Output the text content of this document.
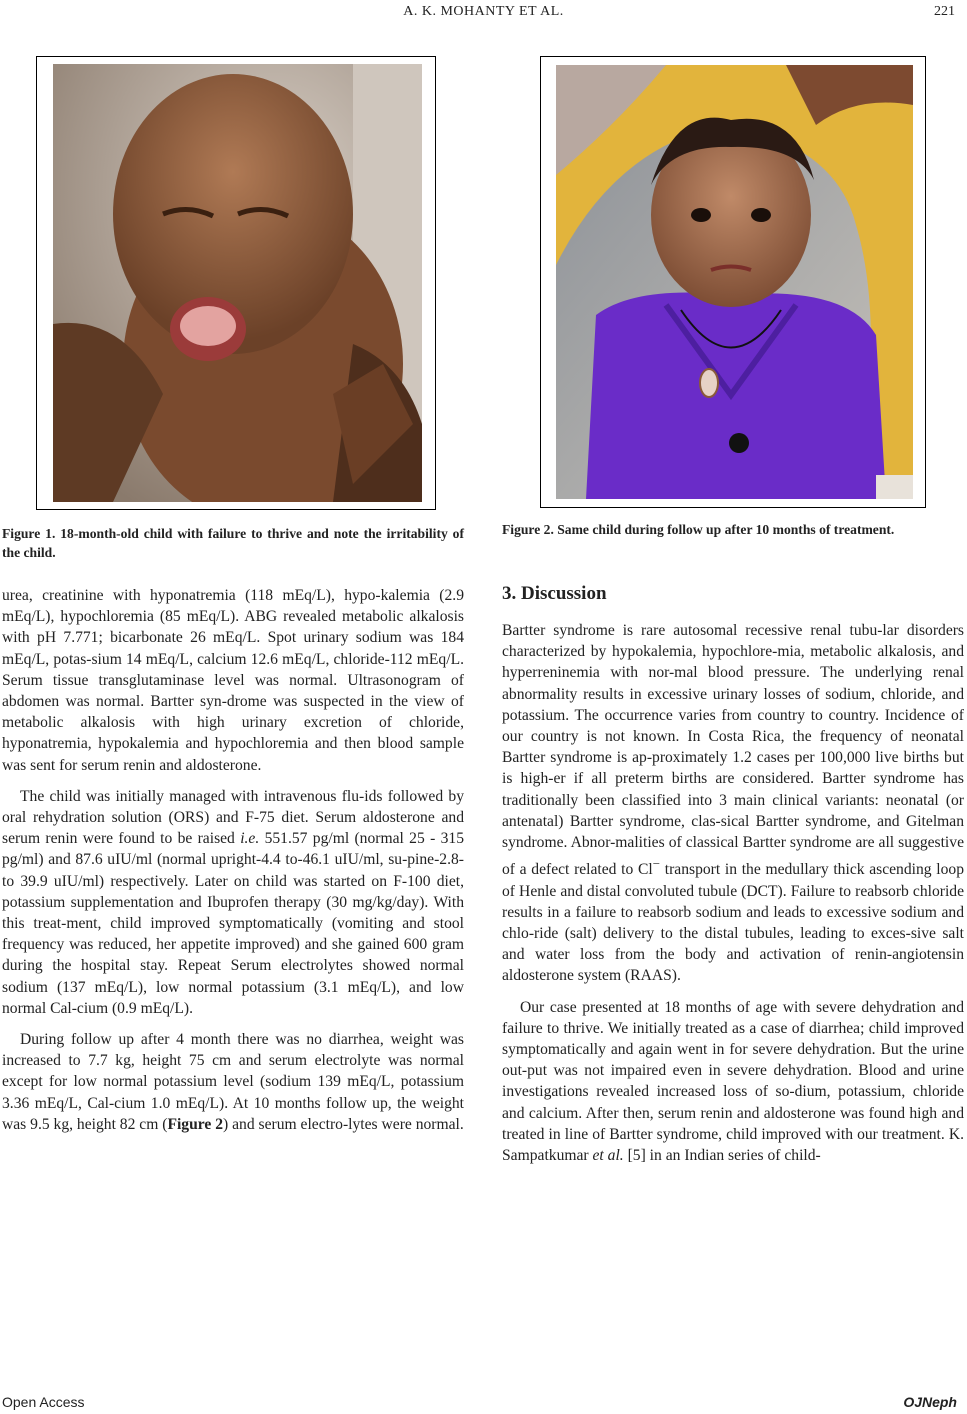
A. K. MOHANTY ET AL.	221
Figure 1. 18-month-old child with failure to thrive and note the irritability of the child.
Figure 2. Same child during follow up after 10 months of treatment.

urea, creatinine with hyponatremia (118 mEq/L), hypo-kalemia (2.9 mEq/L), hypochloremia (85 mEq/L). ABG revealed metabolic alkalosis with pH 7.771; bicarbonate 26 mEq/L. Spot urinary sodium was 184 mEq/L, potas-sium 14 mEq/L, calcium 12.6 mEq/L, chloride-112 mEq/L. Serum tissue transglutaminase level was normal. Ultrasonogram of abdomen was normal. Bartter syn-drome was suspected in the view of metabolic alkalosis with high urinary excretion of chloride, hyponatremia, hypokalemia and hypochloremia and then blood sample was sent for serum renin and aldosterone.

The child was initially managed with intravenous flu-ids followed by oral rehydration solution (ORS) and F-75 diet. Serum aldosterone and serum renin were found to be raised i.e. 551.57 pg/ml (normal 25 - 315 pg/ml) and 87.6 uIU/ml (normal upright-4.4 to-46.1 uIU/ml, su-pine-2.8- to 39.9 uIU/ml) respectively. Later on child was started on F-100 diet, potassium supplementation and Ibuprofen therapy (30 mg/kg/day). With this treat-ment, child improved symptomatically (vomiting and stool frequency was reduced, her appetite improved) and she gained 600 gram during the hospital stay. Repeat Serum electrolytes showed normal sodium (137 mEq/L), low normal potassium (3.1 mEq/L), and low normal Cal-cium (0.9 mEq/L).

During follow up after 4 month there was no diarrhea, weight was increased to 7.7 kg, height 75 cm and serum electrolyte was normal except for low normal potassium level (sodium 139 mEq/L, potassium 3.36 mEq/L, Cal-cium 1.0 mEq/L). At 10 months follow up, the weight was 9.5 kg, height 82 cm (Figure 2) and serum electro-lytes were normal.

3. Discussion

Bartter syndrome is rare autosomal recessive renal tubu-lar disorders characterized by hypokalemia, hypochlore-mia, metabolic alkalosis, and hyperreninemia with nor-mal blood pressure. The underlying renal abnormality results in excessive urinary losses of sodium, chloride, and potassium. The occurrence varies from country to country. Incidence of our country is not known. In Costa Rica, the frequency of neonatal Bartter syndrome is ap-proximately 1.2 cases per 100,000 live births but is high-er if all preterm births are considered. Bartter syndrome has traditionally been classified into 3 main clinical variants: neonatal (or antenatal) Bartter syndrome, clas-sical Bartter syndrome, and Gitelman syndrome. Abnor-malities of classical Bartter syndrome are all suggestive of a defect related to Cl− transport in the medullary thick ascending loop of Henle and distal convoluted tubule (DCT). Failure to reabsorb chloride results in a failure to reabsorb sodium and leads to excessive sodium and chlo-ride (salt) delivery to the distal tubules, leading to exces-sive salt and water loss from the body and activation of renin-angiotensin aldosterone system (RAAS).

Our case presented at 18 months of age with severe dehydration and failure to thrive. We initially treated as a case of diarrhea; child improved symptomatically and again went in for severe dehydration. But the urine out-put was not impaired even in severe dehydration. Blood and urine investigations revealed increased loss of so-dium, potassium, chloride and calcium. After then, serum renin and aldosterone was found high and treated in line of Bartter syndrome, child improved with our treatment. K. Sampatkumar et al. [5] in an Indian series of child-

Open Access	OJNeph
